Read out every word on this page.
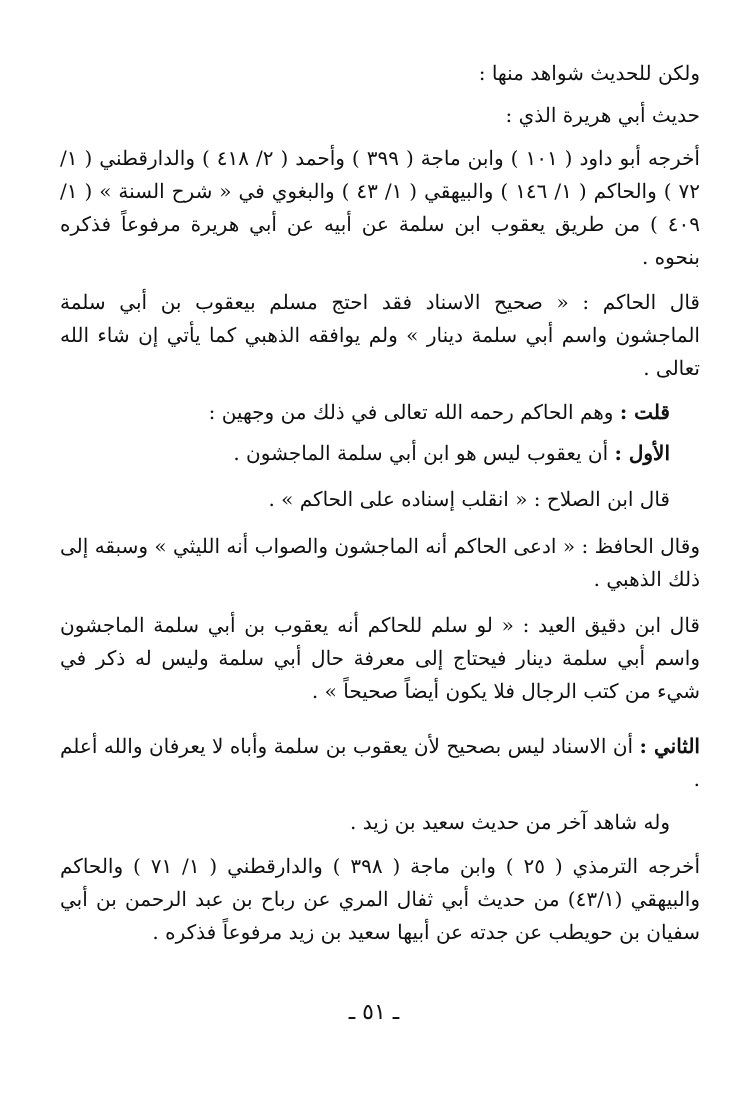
ولكن للحديث شواهد منها :

حديث أبي هريرة الذي :

أخرجه أبو داود ( ١٠١ ) وابن ماجة ( ٣٩٩ ) وأحمد ( ٢/ ٤١٨ ) والدارقطني ( ١/ ٧٢ ) والحاكم ( ١/ ١٤٦ ) والبيهقي ( ١/ ٤٣ ) والبغوي في « شرح السنة » ( ١/ ٤٠٩ ) من طريق يعقوب ابن سلمة عن أبيه عن أبي هريرة مرفوعاً فذكره بنحوه .

قال الحاكم : « صحيح الاسناد فقد احتج مسلم بيعقوب بن أبي سلمة الماجشون واسم أبي سلمة دينار » ولم يوافقه الذهبي كما يأتي إن شاء الله تعالى .

قلت : وهم الحاكم رحمه الله تعالى في ذلك من وجهين :

الأول : أن يعقوب ليس هو ابن أبي سلمة الماجشون .

قال ابن الصلاح : « انقلب إسناده على الحاكم » .

وقال الحافظ : « ادعى الحاكم أنه الماجشون والصواب أنه الليثي » وسبقه إلى ذلك الذهبي .

قال ابن دقيق العيد : « لو سلم للحاكم أنه يعقوب بن أبي سلمة الماجشون واسم أبي سلمة دينار فيحتاج إلى معرفة حال أبي سلمة وليس له ذكر في شيء من كتب الرجال فلا يكون أيضاً صحيحاً » .

الثاني : أن الاسناد ليس بصحيح لأن يعقوب بن سلمة وأباه لا يعرفان والله أعلم .

وله شاهد آخر من حديث سعيد بن زيد .

أخرجه الترمذي ( ٢٥ ) وابن ماجة ( ٣٩٨ ) والدارقطني ( ١/ ٧١ ) والحاكم والبيهقي (٤٣/١) من حديث أبي ثفال المري عن رباح بن عبد الرحمن بن أبي سفيان بن حويطب عن جدته عن أبيها سعيد بن زيد مرفوعاً فذكره .

ـ ٥١ ـ
